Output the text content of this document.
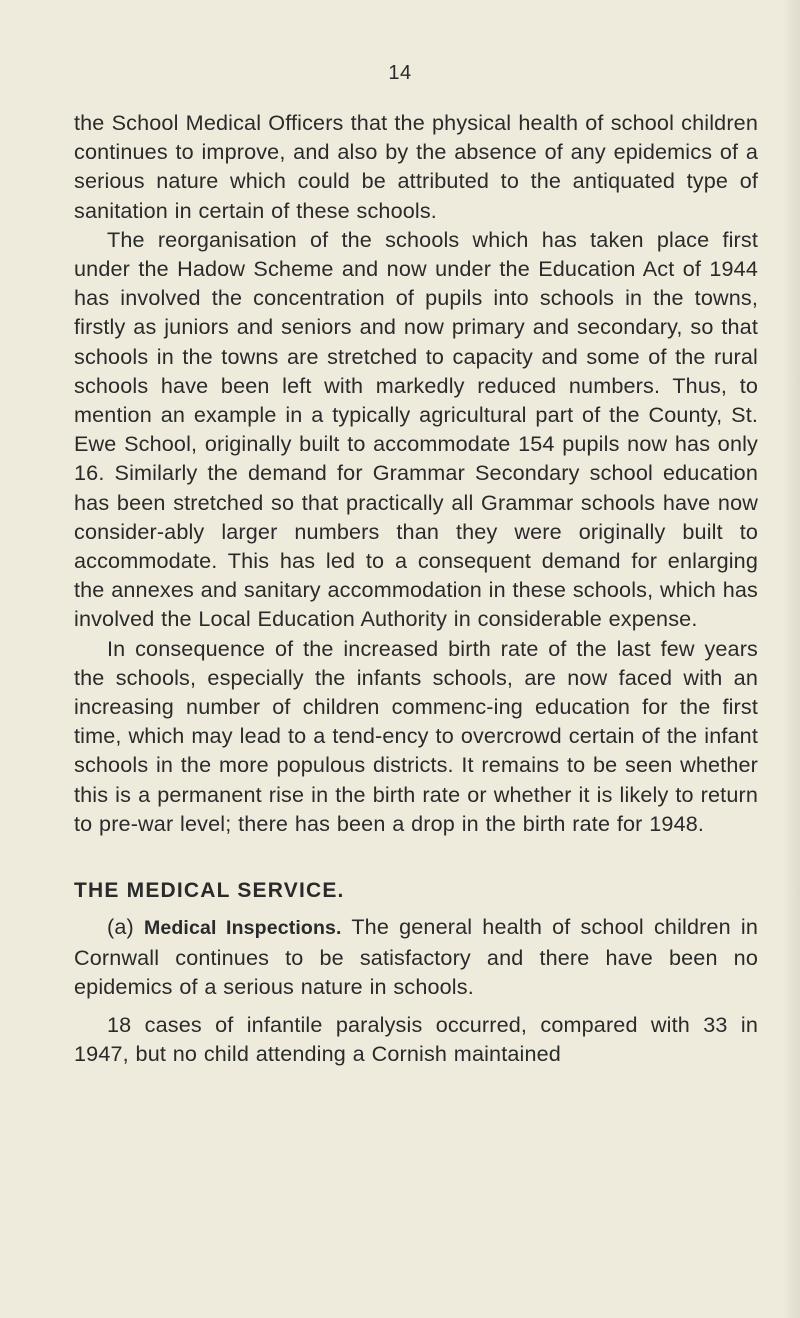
14

the School Medical Officers that the physical health of school children continues to improve, and also by the absence of any epidemics of a serious nature which could be attributed to the antiquated type of sanitation in certain of these schools.

The reorganisation of the schools which has taken place first under the Hadow Scheme and now under the Education Act of 1944 has involved the concentration of pupils into schools in the towns, firstly as juniors and seniors and now primary and secondary, so that schools in the towns are stretched to capacity and some of the rural schools have been left with markedly reduced numbers. Thus, to mention an example in a typically agricultural part of the County, St. Ewe School, originally built to accommodate 154 pupils now has only 16. Similarly the demand for Grammar Secondary school education has been stretched so that practically all Grammar schools have now consider-ably larger numbers than they were originally built to accommodate. This has led to a consequent demand for enlarging the annexes and sanitary accommodation in these schools, which has involved the Local Education Authority in considerable expense.

In consequence of the increased birth rate of the last few years the schools, especially the infants schools, are now faced with an increasing number of children commenc-ing education for the first time, which may lead to a tend-ency to overcrowd certain of the infant schools in the more populous districts. It remains to be seen whether this is a permanent rise in the birth rate or whether it is likely to return to pre-war level; there has been a drop in the birth rate for 1948.

THE MEDICAL SERVICE.

(a) Medical Inspections. The general health of school children in Cornwall continues to be satisfactory and there have been no epidemics of a serious nature in schools.

18 cases of infantile paralysis occurred, compared with 33 in 1947, but no child attending a Cornish maintained
